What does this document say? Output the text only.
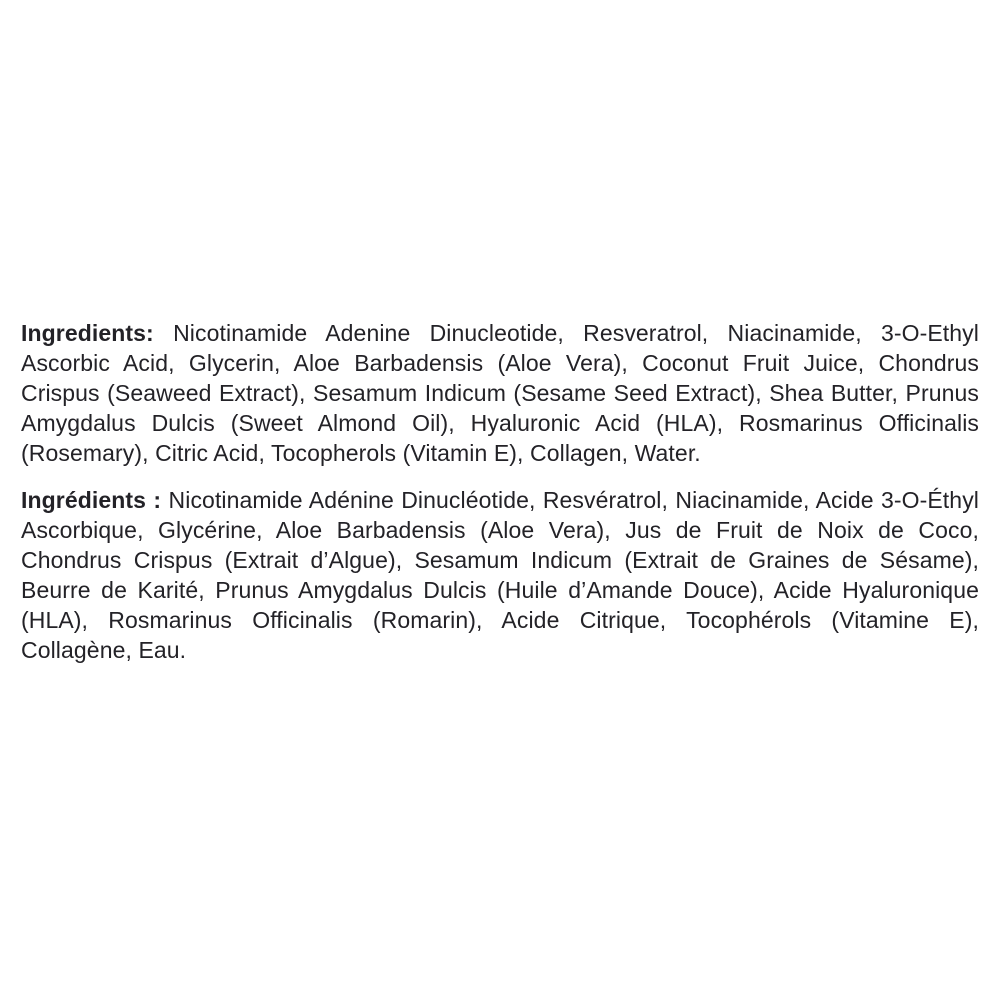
Ingredients: Nicotinamide Adenine Dinucleotide, Resveratrol, Niacinamide, 3-O-Ethyl Ascorbic Acid, Glycerin, Aloe Barbadensis (Aloe Vera), Coconut Fruit Juice, Chondrus Crispus (Seaweed Extract), Sesamum Indicum (Sesame Seed Extract), Shea Butter, Prunus Amygdalus Dulcis (Sweet Almond Oil), Hyaluronic Acid (HLA), Rosmarinus Officinalis (Rosemary), Citric Acid, Tocopherols (Vitamin E), Collagen, Water.

Ingrédients : Nicotinamide Adénine Dinucléotide, Resvératrol, Niacinamide, Acide 3-O-Éthyl Ascorbique, Glycérine, Aloe Barbadensis (Aloe Vera), Jus de Fruit de Noix de Coco, Chondrus Crispus (Extrait d’Algue), Sesamum Indicum (Extrait de Graines de Sésame), Beurre de Karité, Prunus Amygdalus Dulcis (Huile d’Amande Douce), Acide Hyaluronique (HLA), Rosmarinus Officinalis (Romarin), Acide Citrique, Tocophérols (Vitamine E), Collagène, Eau.
